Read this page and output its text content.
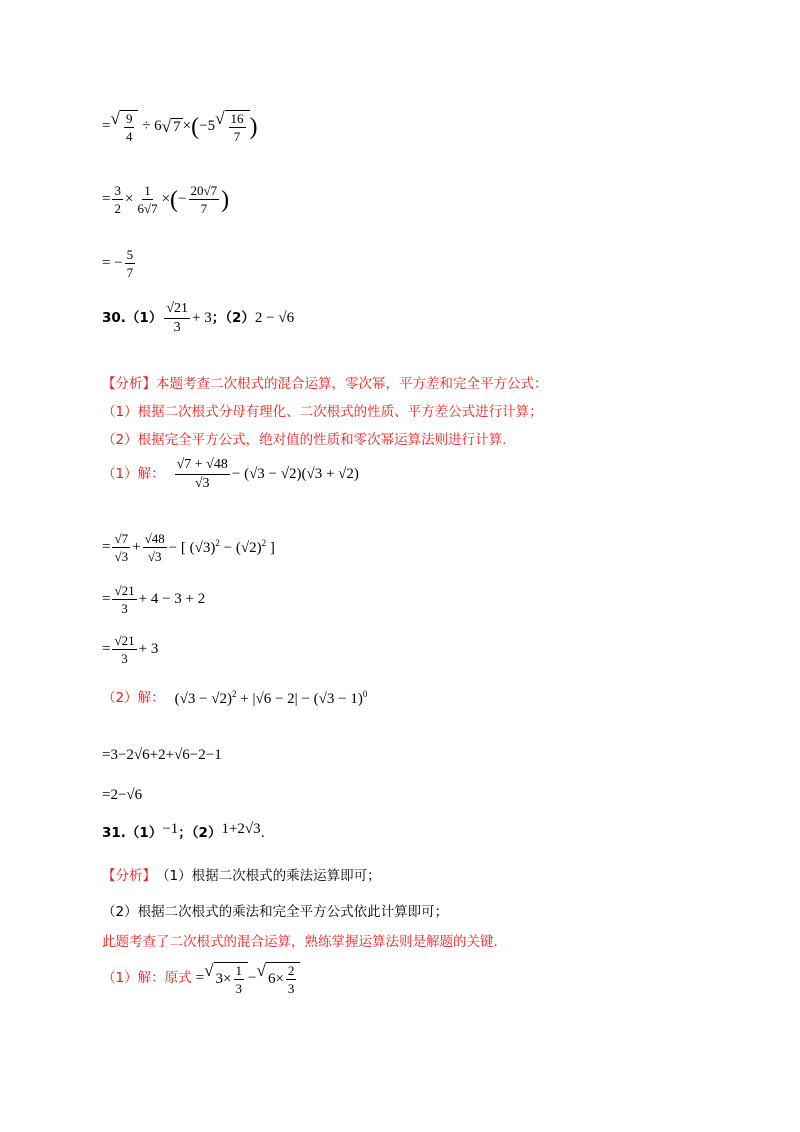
= √ $\frac{9}{4} \div 6$ √ 7 × ( −5 √ $\frac{16}{7}$ )
= $\frac{3}{2} \times \frac{1}{6√7}$ × ( − $\frac{20√7}{7}$ )
= − $\frac{5}{7}$
30. $(1) \frac{√21}{3} + 3$ ；（2） 2 − √6
【分析】本题考查二次根式的混合运算，零次幂，平方差和完全平方公式：
（1）根据二次根式分母有理化、二次根式的性质、平方差公式进行计算；
（2）根据完全平方公式，绝对值的性质和零次幂运算法则进行计算.
（1）解： $\frac{√7 + √48}{√3} - (√3 - √2)(√3 + √2)$
= $\frac{√7}{√3} + \frac{√48}{√3}$ − [ $(√3)^2 - (√2)^2$ ]
= $\frac{√21}{3} + 4 - 3 + 2$
= $\frac{√21}{3} + 3$
（2）解： $(√3 - √2)^2 + |√6 - 2| - (√3 - 1)^0$
=3−2√6+2+√6−2−1
=2−√6
31. （1） −1 ；（2） 1+2√3 .
【分析】 （1）根据二次根式的乘法运算即可；
（2）根据二次根式的乘法和完全平方公式依此计算即可；
此题考查了二次根式的混合运算，熟练掌握运算法则是解题的关键.
（1）解：原式 = √ $3\times \frac{1}{3}$ − √ $6\times \frac{2}{3}$
